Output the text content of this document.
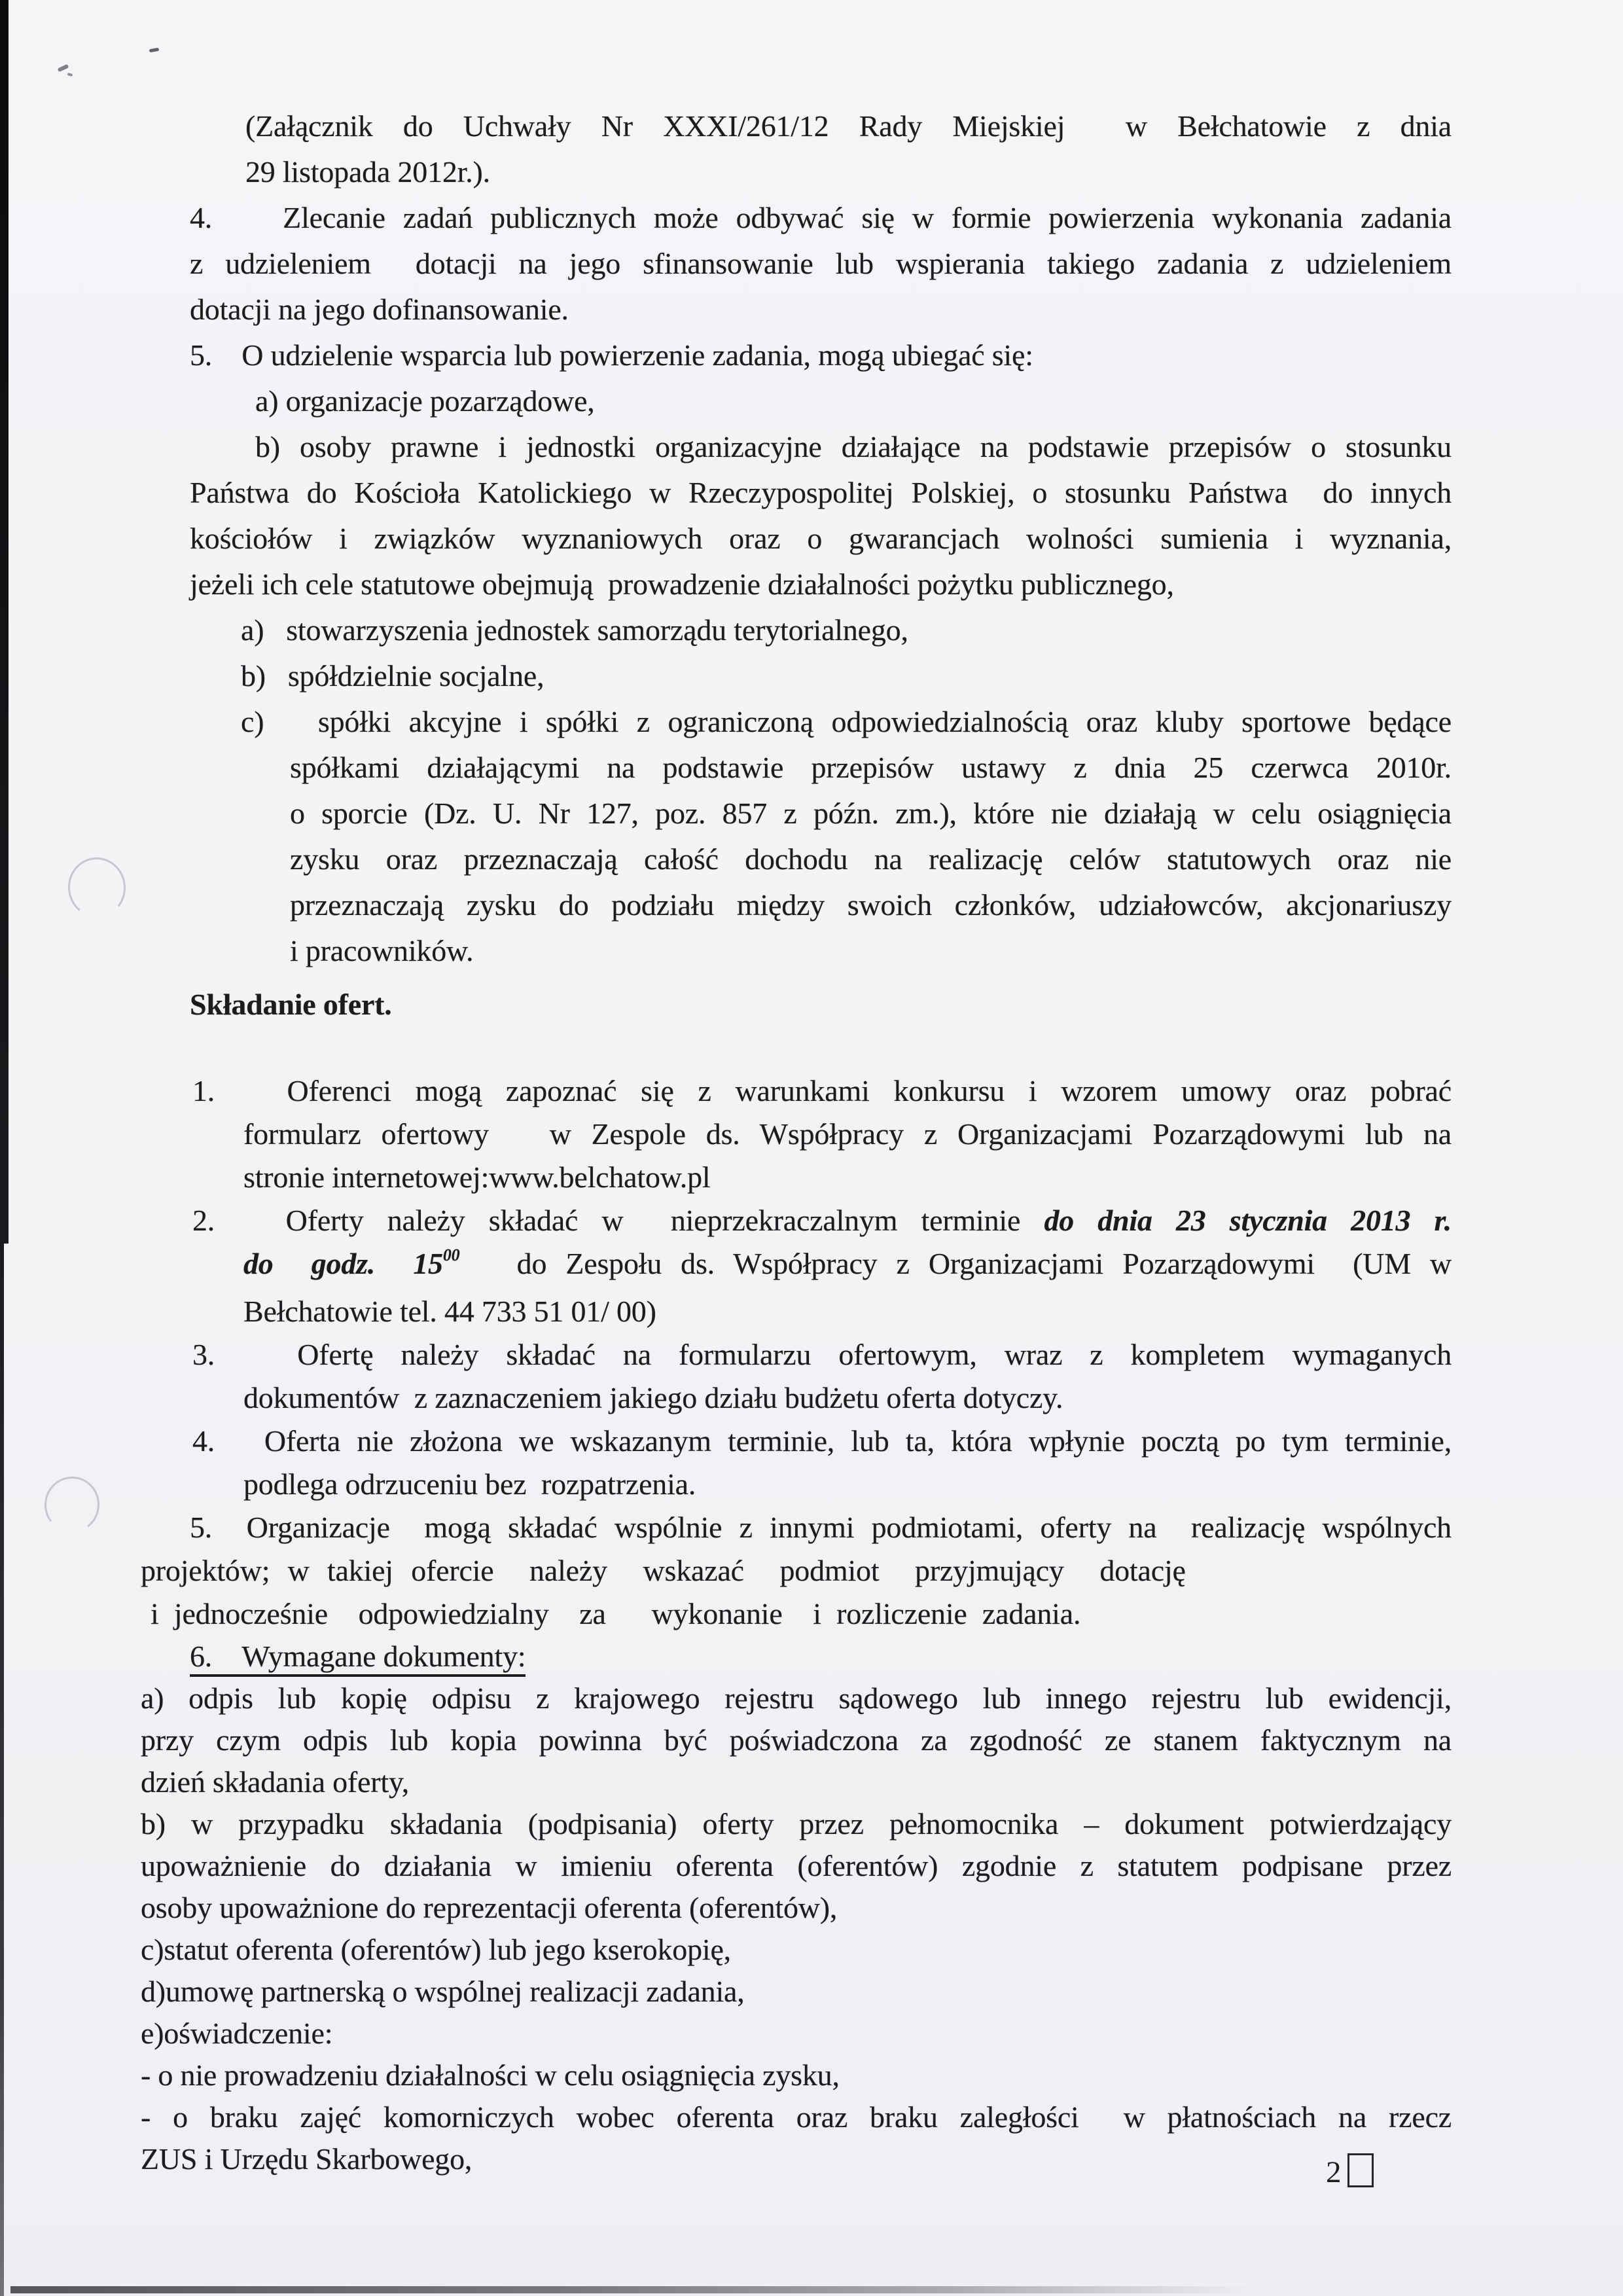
(Załącznik do Uchwały Nr XXXI/261/12 Rady Miejskiej  w Bełchatowie z dnia
29 listopada 2012r.).
4.    Zlecanie zadań publicznych może odbywać się w formie powierzenia wykonania zadania
z udzieleniem  dotacji na jego sfinansowanie lub wspierania takiego zadania z udzieleniem
dotacji na jego dofinansowanie.
5.    O udzielenie wsparcia lub powierzenie zadania, mogą ubiegać się:
a) organizacje pozarządowe,
b) osoby prawne i jednostki organizacyjne działające na podstawie przepisów o stosunku
Państwa do Kościoła Katolickiego w Rzeczypospolitej Polskiej, o stosunku Państwa  do innych
kościołów i związków wyznaniowych oraz o gwarancjach wolności sumienia i wyznania,
jeżeli ich cele statutowe obejmują  prowadzenie działalności pożytku publicznego,
a)   stowarzyszenia jednostek samorządu terytorialnego,
b)   spółdzielnie socjalne,
c)   spółki akcyjne i spółki z ograniczoną odpowiedzialnością oraz kluby sportowe będące
spółkami działającymi na podstawie przepisów ustawy z dnia 25 czerwca 2010r.
o sporcie (Dz. U. Nr 127, poz. 857 z późn. zm.), które nie działają w celu osiągnięcia
zysku oraz przeznaczają całość dochodu na realizację celów statutowych oraz nie
przeznaczają zysku do podziału między swoich członków, udziałowców, akcjonariuszy
i pracowników.
Składanie ofert.
1.   Oferenci mogą zapoznać się z warunkami konkursu i wzorem umowy oraz pobrać
formularz ofertowy   w Zespole ds. Współpracy z Organizacjami Pozarządowymi lub na
stronie internetowej:www.belchatow.pl
2.   Oferty należy składać w  nieprzekraczalnym terminie do dnia 23 stycznia 2013 r.
do  godz.  $15^{00}$   do Zespołu ds. Współpracy z Organizacjami Pozarządowymi  (UM w
Bełchatowie tel. 44 733 51 01/ 00)
3.   Ofertę należy składać na formularzu ofertowym, wraz z kompletem wymaganych
dokumentów  z zaznaczeniem jakiego działu budżetu oferta dotyczy.
4.   Oferta nie złożona we wskazanym terminie, lub ta, która wpłynie pocztą po tym terminie,
podlega odrzuceniu bez  rozpatrzenia.
5.  Organizacje  mogą składać wspólnie z innymi podmiotami, oferty na  realizację wspólnych
projektów; w takiej ofercie  należy  wskazać  podmiot  przyjmujący  dotację
i jednocześnie  odpowiedzialny  za   wykonanie  i rozliczenie zadania.
6.    Wymagane dokumenty:
a) odpis lub kopię odpisu z krajowego rejestru sądowego lub innego rejestru lub ewidencji,
przy czym odpis lub kopia powinna być poświadczona za zgodność ze stanem faktycznym na
dzień składania oferty,
b) w przypadku składania (podpisania) oferty przez pełnomocnika – dokument potwierdzający
upoważnienie do działania w imieniu oferenta (oferentów) zgodnie z statutem podpisane przez
osoby upoważnione do reprezentacji oferenta (oferentów),
c)statut oferenta (oferentów) lub jego kserokopię,
d)umowę partnerską o wspólnej realizacji zadania,
e)oświadczenie:
- o nie prowadzeniu działalności w celu osiągnięcia zysku,
- o braku zajęć komorniczych wobec oferenta oraz braku zaległości  w płatnościach na rzecz
ZUS i Urzędu Skarbowego,	2
